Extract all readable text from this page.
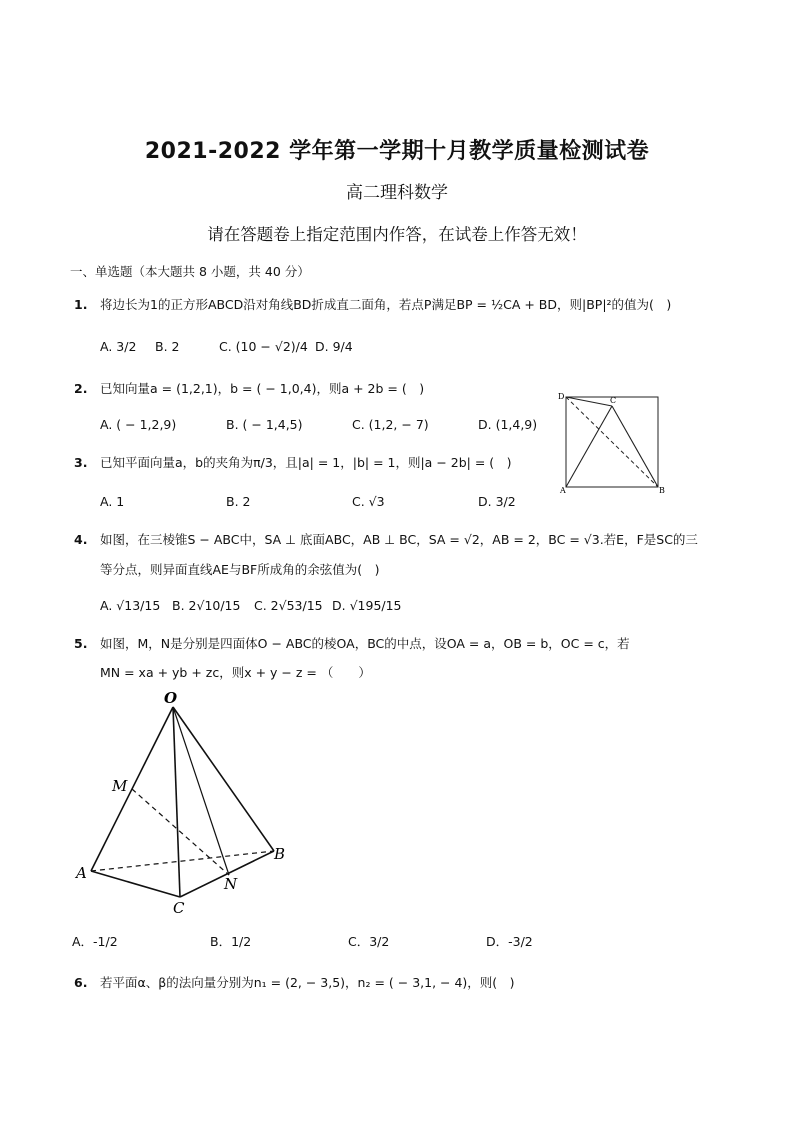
2021-2022 学年第一学期十月教学质量检测试卷
高二理科数学
请在答题卷上指定范围内作答，在试卷上作答无效！
一、单选题（本大题共 8 小题，共 40 分）
1. 将边长为1的正方形ABCD沿对角线BD折成直二面角，若点P满足BP = ½CA + BD，则|BP|²的值为(　)
A. 3/2 B. 2	C. (10 − √2)/4 D. 9/4
2. 已知向量a = (1,2,1)，b = ( − 1,0,4)，则a + 2b = (　)
A. ( − 1,2,9)	B. ( − 1,4,5)	C. (1,2, − 7)	D. (1,4,9)
D	C
A	B
3. 已知平面向量a，b的夹角为π/3，且|a| = 1，|b| = 1，则|a − 2b| = (　)
A. 1	B. 2	C. √3	D. 3/2
4. 如图，在三棱锥S − ABC中，SA ⊥ 底面ABC，AB ⊥ BC，SA = √2，AB = 2，BC = √3.若E，F是SC的三
等分点，则异面直线AE与BF所成角的余弦值为(　)
A. √13/15 B. 2√10/15 C. 2√53/15 D. √195/15
5. 如图，M，N是分别是四面体O − ABC的棱OA，BC的中点，设OA = a，OB = b，OC = c，若
MN = xa + yb + zc，则x + y − z = （　　）
O
M
A
B
N
C
A．-1/2	B．1/2	C．3/2	D．-3/2
6. 若平面α、β的法向量分别为n₁ = (2, − 3,5)，n₂ = ( − 3,1, − 4)，则(　)
